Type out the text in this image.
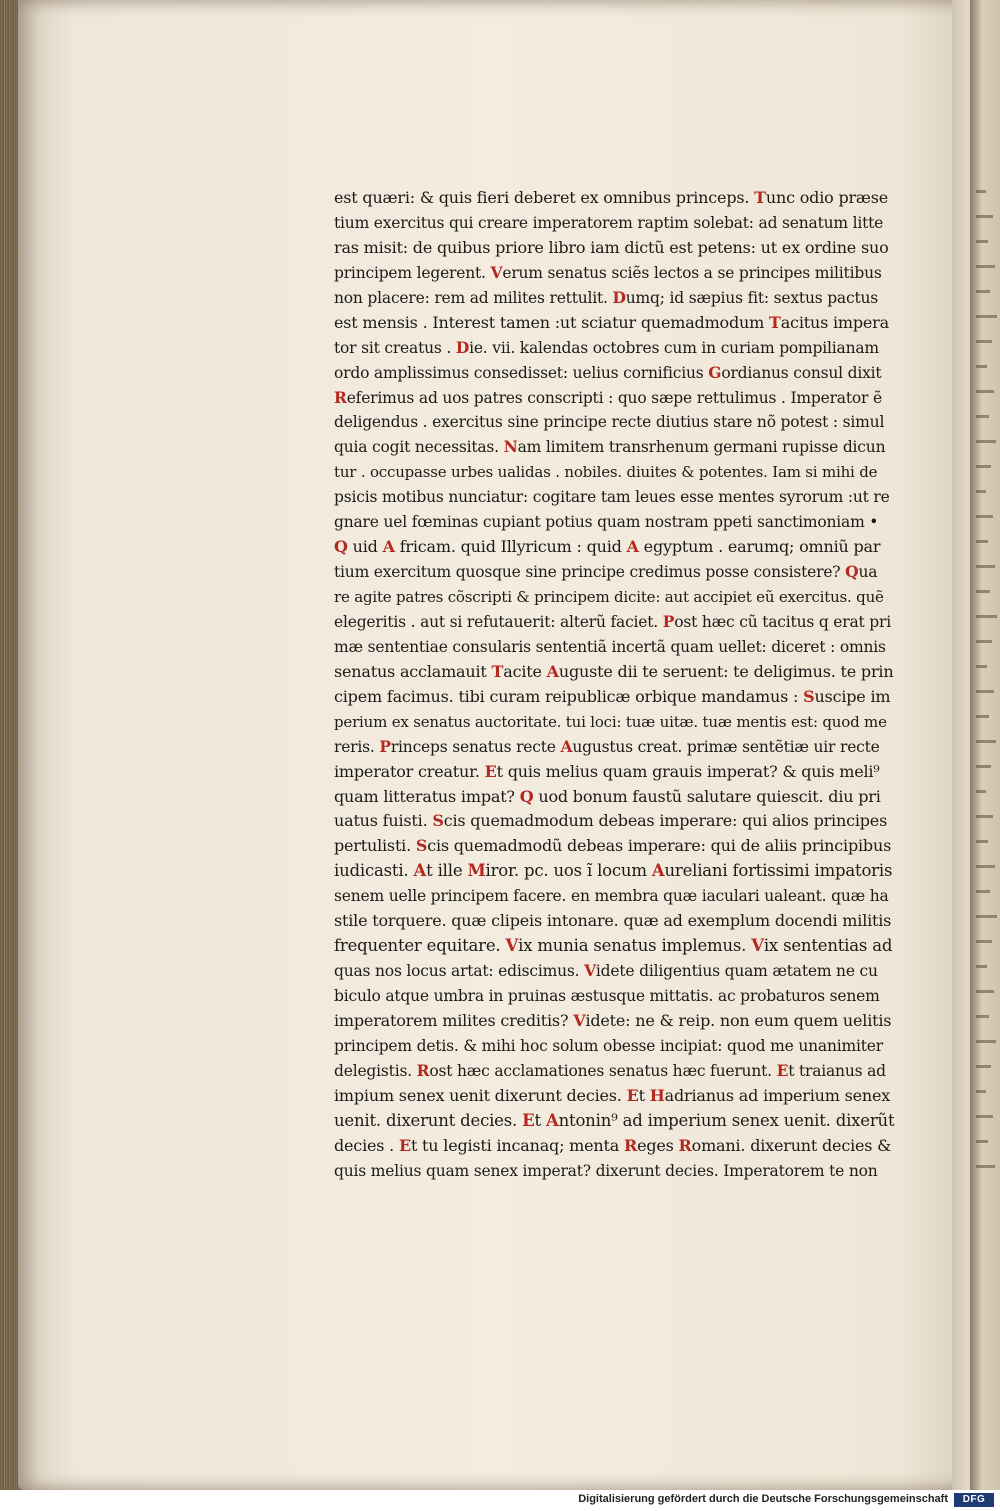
est quæri: & quis fieri deberet ex omnibus princeps. Tunc odio præse
tium exercitus qui creare imperatorem raptim solebat: ad senatum litte
ras misit: de quibus priore libro iam dictũ est petens: ut ex ordine suo
principem legerent. Verum senatus sciẽs lectos a se principes militibus
non placere: rem ad milites rettulit. Dumq; id sæpius fit: sextus pactus
est mensis . Interest tamen :ut sciatur quemadmodum Tacitus impera
tor sit creatus . Die. vii. kalendas octobres cum in curiam pompilianam
ordo amplissimus consedisset: uelius cornificius Gordianus consul dixit
Referimus ad uos patres conscripti : quo sæpe rettulimus . Imperator ẽ
deligendus . exercitus sine principe recte diutius stare nõ potest : simul
quia cogit necessitas. Nam limitem transrhenum germani rupisse dicun
tur . occupasse urbes ualidas . nobiles. diuites & potentes. Iam si mihi de
psicis motibus nunciatur: cogitare tam leues esse mentes syrorum :ut re
gnare uel fœminas cupiant potius quam nostram ppeti sanctimoniam •
Q uid A fricam. quid Illyricum : quid A egyptum . earumq; omniũ par
tium exercitum quosque sine principe credimus posse consistere? Qua
re agite patres cõscripti & principem dicite: aut accipiet eũ exercitus. quẽ
elegeritis . aut si refutauerit: alterũ faciet. Post hæc cũ tacitus q erat pri
mæ sententiae consularis sententiã incertã quam uellet: diceret : omnis
senatus acclamauit Tacite Auguste dii te seruent: te deligimus. te prin
cipem facimus. tibi curam reipublicæ orbique mandamus : Suscipe im
perium ex senatus auctoritate. tui loci: tuæ uitæ. tuæ mentis est: quod me
reris. Princeps senatus recte Augustus creat. primæ sentẽtiæ uir recte
imperator creatur. Et quis melius quam grauis imperat? & quis meli⁹
quam litteratus impat? Q uod bonum faustũ salutare quiescit. diu pri
uatus fuisti. Scis quemadmodum debeas imperare: qui alios principes
pertulisti. Scis quemadmodũ debeas imperare: qui de aliis principibus
iudicasti. At ille Miror. pc. uos ĩ locum Aureliani fortissimi impatoris
senem uelle principem facere. en membra quæ iaculari ualeant. quæ ha
stile torquere. quæ clipeis intonare. quæ ad exemplum docendi militis
frequenter equitare. Vix munia senatus implemus. Vix sententias ad
quas nos locus artat: ediscimus. Videte diligentius quam ætatem ne cu
biculo atque umbra in pruinas æstusque mittatis. ac probaturos senem
imperatorem milites creditis? Videte: ne & reip. non eum quem uelitis
principem detis. & mihi hoc solum obesse incipiat: quod me unanimiter
delegistis. Rost hæc acclamationes senatus hæc fuerunt. Et traianus ad
impium senex uenit dixerunt decies. Et Hadrianus ad imperium senex
uenit. dixerunt decies. Et Antonin⁹ ad imperium senex uenit. dixerũt
decies . Et tu legisti incanaq; menta Reges Romani. dixerunt decies &
quis melius quam senex imperat? dixerunt decies. Imperatorem te non
Digitalisierung gefördert durch die Deutsche Forschungsgemeinschaft	DFG
